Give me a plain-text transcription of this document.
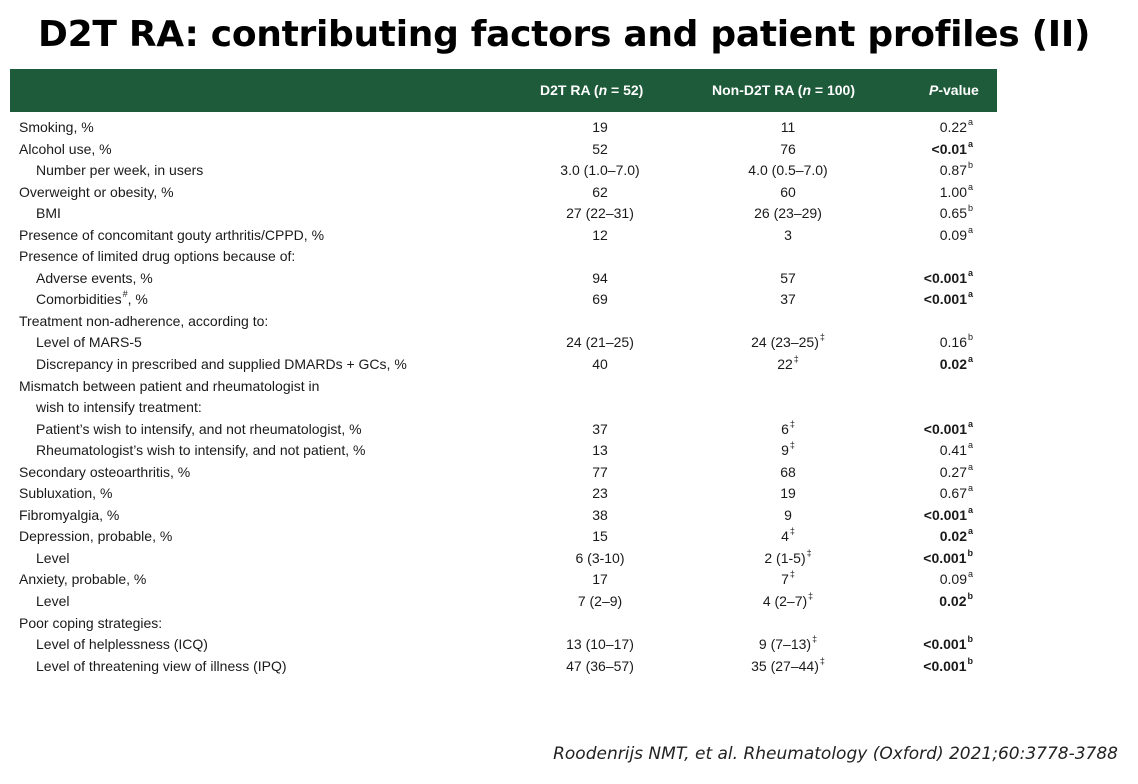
D2T RA: contributing factors and patient profiles (II)
D2T RA (n = 52)	Non-D2T RA (n = 100)	P-value
Smoking, %	19	11	0.22$^a$
Alcohol use, %	52	76	<0.01$^a$
Number per week, in users	3.0 (1.0–7.0)	4.0 (0.5–7.0)	0.87$^b$
Overweight or obesity, %	62	60	1.00$^a$
BMI	27 (22–31)	26 (23–29)	0.65$^b$
Presence of concomitant gouty arthritis/CPPD, %	12	3	0.09$^a$
Presence of limited drug options because of:
Adverse events, %	94	57	<0.001$^a$
Comorbidities#, %	69	37	<0.001$^a$
Treatment non-adherence, according to:
Level of MARS-5	24 (21–25)	24 (23–25)‡	0.16$^b$
Discrepancy in prescribed and supplied DMARDs + GCs, %	40	22‡	0.02$^a$
Mismatch between patient and rheumatologist in
wish to intensify treatment:
Patient’s wish to intensify, and not rheumatologist, %	37	6‡	<0.001$^a$
Rheumatologist’s wish to intensify, and not patient, %	13	9‡	0.41$^a$
Secondary osteoarthritis, %	77	68	0.27$^a$
Subluxation, %	23	19	0.67$^a$
Fibromyalgia, %	38	9	<0.001$^a$
Depression, probable, %	15	4‡	0.02$^a$
Level	6 (3-10)	2 (1-5)‡	<0.001$^b$
Anxiety, probable, %	17	7‡	0.09$^a$
Level	7 (2–9)	4 (2–7)‡	0.02$^b$
Poor coping strategies:
Level of helplessness (ICQ)	13 (10–17)	9 (7–13)‡	<0.001$^b$
Level of threatening view of illness (IPQ)	47 (36–57)	35 (27–44)‡	<0.001$^b$
Roodenrijs NMT, et al. Rheumatology (Oxford) 2021;60:3778-3788
